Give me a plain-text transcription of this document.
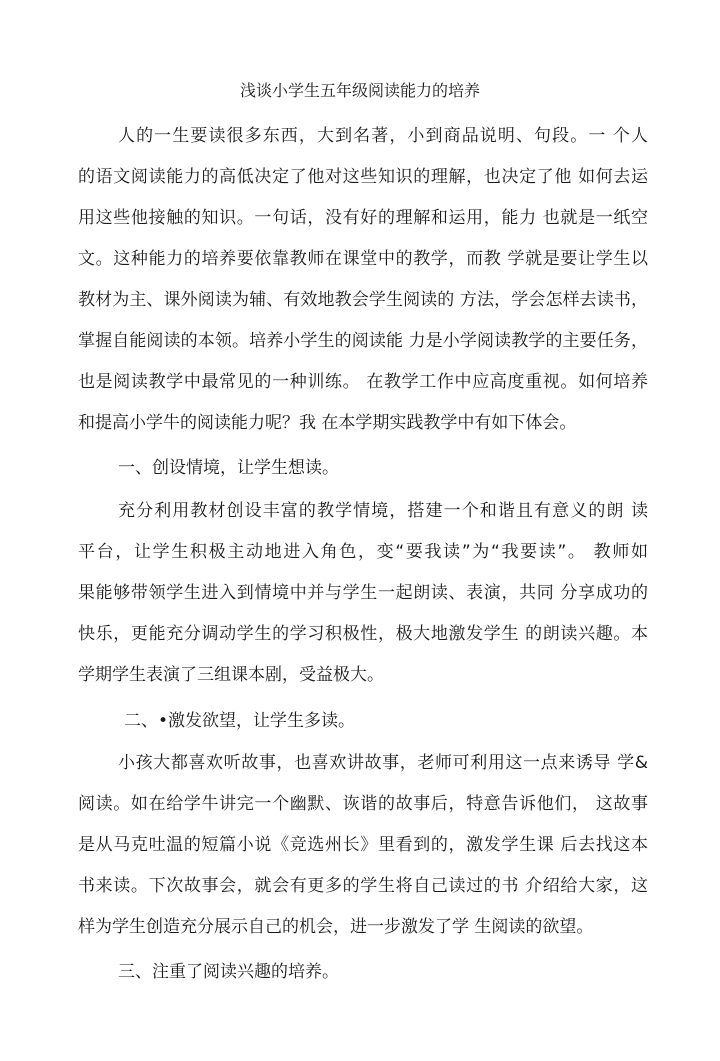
浅谈小学生五年级阅读能力的培养
人的一生要读很多东西，大到名著，小到商品说明、句段。一 个人
的语文阅读能力的高低决定了他对这些知识的理解，也决定了他 如何去运
用这些他接触的知识。一句话，没有好的理解和运用，能力 也就是一纸空
文。这种能力的培养要依靠教师在课堂中的教学，而教 学就是要让学生以
教材为主、课外阅读为辅、有效地教会学生阅读的 方法，学会怎样去读书，
掌握自能阅读的本领。培养小学生的阅读能 力是小学阅读教学的主要任务，
也是阅读教学中最常见的一种训练。 在教学工作中应高度重视。如何培养
和提高小学牛的阅读能力呢？我 在本学期实践教学中有如下体会。
一、创设情境，让学生想读。
充分利用教材创设丰富的教学情境，搭建一个和谐且有意义的朗 读
平台，让学生积极主动地进入角色，变“要我读”为“我要读”。 教师如
果能够带领学生进入到情境中并与学生一起朗读、表演，共同 分享成功的
快乐，更能充分调动学生的学习积极性，极大地激发学生 的朗读兴趣。本
学期学生表演了三组课本剧，受益极大。
二、•激发欲望，让学生多读。
小孩大都喜欢听故事，也喜欢讲故事，老师可利用这一点来诱导 学&
阅读。如在给学牛讲完一个幽默、诙谐的故事后，特意告诉他们， 这故事
是从马克吐温的短篇小说《竞选州长》里看到的，激发学生课 后去找这本
书来读。下次故事会，就会有更多的学生将自己读过的书 介绍给大家，这
样为学生创造充分展示自己的机会，进一步激发了学 生阅读的欲望。
三、注重了阅读兴趣的培养。
